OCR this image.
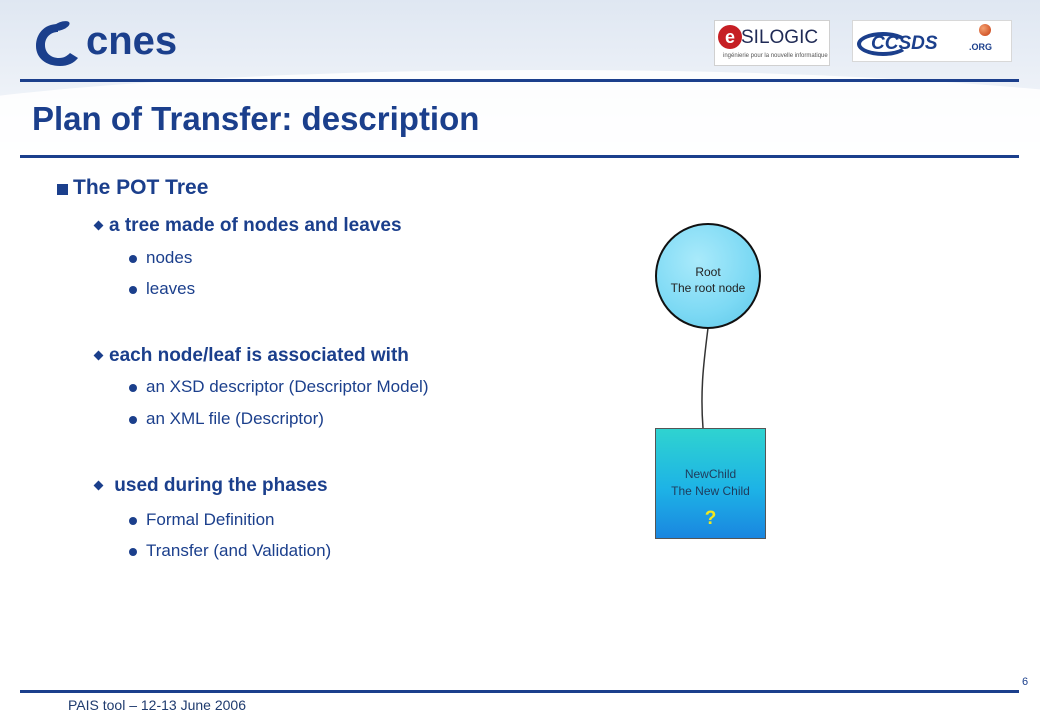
cnes	e SILOGIC
ingénierie pour la nouvelle informatique
CCSDS	.ORG
Plan of Transfer: description
The POT Tree
a tree made of nodes and leaves
nodes
leaves
each node/leaf is associated with
an XSD descriptor (Descriptor Model)
an XML file (Descriptor)
used during the phases
Formal Definition
Transfer (and Validation)
Root
The root node
NewChild
The New Child
?
6
PAIS tool – 12-13 June 2006
